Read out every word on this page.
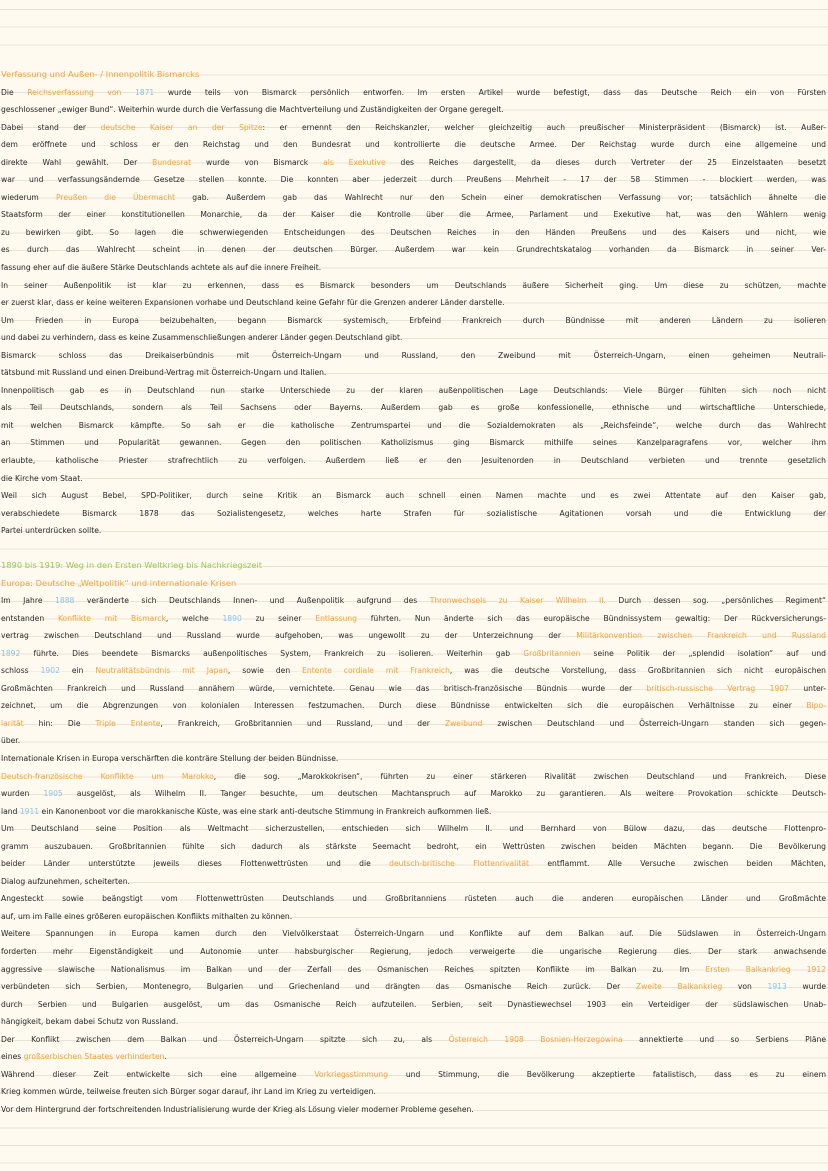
Verfassung und Außen- / Innenpolitik Bismarcks
Die Reichsverfassung von 1871 wurde teils von Bismarck persönlich entworfen. Im ersten Artikel wurde befestigt, dass das Deutsche Reich ein von Fürsten
geschlossener „ewiger Bund“. Weiterhin wurde durch die Verfassung die Machtverteilung und Zuständigkeiten der Organe geregelt.
Dabei stand der deutsche Kaiser an der Spitze: er ernennt den Reichskanzler, welcher gleichzeitig auch preußischer Ministerpräsident (Bismarck) ist. Außer-
dem eröffnete und schloss er den Reichstag und den Bundesrat und kontrollierte die deutsche Armee. Der Reichstag wurde durch eine allgemeine und
direkte Wahl gewählt. Der Bundesrat wurde von Bismarck als Exekutive des Reiches dargestellt, da dieses durch Vertreter der 25 Einzelstaaten besetzt
war und verfassungsändernde Gesetze stellen konnte. Die konnten aber jederzeit durch Preußens Mehrheit - 17 der 58 Stimmen - blockiert werden, was
wiederum Preußen die Übermacht gab. Außerdem gab das Wahlrecht nur den Schein einer demokratischen Verfassung vor; tatsächlich ähnelte die
Staatsform der einer konstitutionellen Monarchie, da der Kaiser die Kontrolle über die Armee, Parlament und Exekutive hat, was den Wählern wenig
zu bewirken gibt. So lagen die schwerwiegenden Entscheidungen des Deutschen Reiches in den Händen Preußens und des Kaisers und nicht, wie
es durch das Wahlrecht scheint in denen der deutschen Bürger. Außerdem war kein Grundrechtskatalog vorhanden da Bismarck in seiner Ver-
fassung eher auf die äußere Stärke Deutschlands achtete als auf die innere Freiheit.
In seiner Außenpolitik ist klar zu erkennen, dass es Bismarck besonders um Deutschlands äußere Sicherheit ging. Um diese zu schützen, machte
er zuerst klar, dass er keine weiteren Expansionen vorhabe und Deutschland keine Gefahr für die Grenzen anderer Länder darstelle.
Um Frieden in Europa beizubehalten, begann Bismarck systemisch, Erbfeind Frankreich durch Bündnisse mit anderen Ländern zu isolieren
und dabei zu verhindern, dass es keine Zusammenschließungen anderer Länder gegen Deutschland gibt.
Bismarck schloss das Dreikaiserbündnis mit Österreich-Ungarn und Russland, den Zweibund mit Österreich-Ungarn, einen geheimen Neutrali-
tätsbund mit Russland und einen Dreibund-Vertrag mit Österreich-Ungarn und Italien.
Innenpolitisch gab es in Deutschland nun starke Unterschiede zu der klaren außenpolitischen Lage Deutschlands: Viele Bürger fühlten sich noch nicht
als Teil Deutschlands, sondern als Teil Sachsens oder Bayerns. Außerdem gab es große konfessionelle, ethnische und wirtschaftliche Unterschiede,
mit welchen Bismarck kämpfte. So sah er die katholische Zentrumspartei und die Sozialdemokraten als „Reichsfeinde“, welche durch das Wahlrecht
an Stimmen und Popularität gewannen. Gegen den politischen Katholizismus ging Bismarck mithilfe seines Kanzelparagrafens vor, welcher ihm
erlaubte, katholische Priester strafrechtlich zu verfolgen. Außerdem ließ er den Jesuitenorden in Deutschland verbieten und trennte gesetzlich
die Kirche vom Staat.
Weil sich August Bebel, SPD-Politiker, durch seine Kritik an Bismarck auch schnell einen Namen machte und es zwei Attentate auf den Kaiser gab,
verabschiedete Bismarck 1878 das Sozialistengesetz, welches harte Strafen für sozialistische Agitationen vorsah und die Entwicklung der
Partei unterdrücken sollte.
1890 bis 1919: Weg in den Ersten Weltkrieg bis Nachkriegszeit
Europa: Deutsche „Weltpolitik“ und internationale Krisen
Im Jahre 1888 veränderte sich Deutschlands Innen- und Außenpolitik aufgrund des Thronwechsels zu Kaiser Wilhelm II. Durch dessen sog. „persönliches Regiment“
entstanden Konflikte mit Bismarck, welche 1890 zu seiner Entlassung führten. Nun änderte sich das europäische Bündnissystem gewaltig: Der Rückversicherungs-
vertrag zwischen Deutschland und Russland wurde aufgehoben, was ungewollt zu der Unterzeichnung der Militärkonvention zwischen Frankreich und Russland
1892 führte. Dies beendete Bismarcks außenpolitisches System, Frankreich zu isolieren. Weiterhin gab Großbritannien seine Politik der „splendid isolation“ auf und
schloss 1902 ein Neutralitätsbündnis mit Japan, sowie den Entente cordiale mit Frankreich, was die deutsche Vorstellung, dass Großbritannien sich nicht europäischen
Großmächten Frankreich und Russland annähern würde, vernichtete. Genau wie das britisch-französische Bündnis wurde der britisch-russische Vertrag 1907 unter-
zeichnet, um die Abgrenzungen von kolonialen Interessen festzumachen. Durch diese Bündnisse entwickelten sich die europäischen Verhältnisse zu einer Bipo-
larität hin: Die Triple Entente, Frankreich, Großbritannien und Russland, und der Zweibund zwischen Deutschland und Österreich-Ungarn standen sich gegen-
über.
Internationale Krisen in Europa verschärften die konträre Stellung der beiden Bündnisse.
Deutsch-französische Konflikte um Marokko, die sog. „Marokkokrisen“, führten zu einer stärkeren Rivalität zwischen Deutschland und Frankreich. Diese
wurden 1905 ausgelöst, als Wilhelm II. Tanger besuchte, um deutschen Machtanspruch auf Marokko zu garantieren. Als weitere Provokation schickte Deutsch-
land 1911 ein Kanonenboot vor die marokkanische Küste, was eine stark anti-deutsche Stimmung in Frankreich aufkommen ließ.
Um Deutschland seine Position als Weltmacht sicherzustellen, entschieden sich Wilhelm II. und Bernhard von Bülow dazu, das deutsche Flottenpro-
gramm auszubauen. Großbritannien fühlte sich dadurch als stärkste Seemacht bedroht, ein Wettrüsten zwischen beiden Mächten begann. Die Bevölkerung
beider Länder unterstützte jeweils dieses Flottenwettrüsten und die deutsch-britische Flottenrivalität entflammt. Alle Versuche zwischen beiden Mächten,
Dialog aufzunehmen, scheiterten.
Angesteckt sowie beängstigt vom Flottenwettrüsten Deutschlands und Großbritanniens rüsteten auch die anderen europäischen Länder und Großmächte
auf, um im Falle eines größeren europäischen Konflikts mithalten zu können.
Weitere Spannungen in Europa kamen durch den Vielvölkerstaat Österreich-Ungarn und Konflikte auf dem Balkan auf. Die Südslawen in Österreich-Ungarn
forderten mehr Eigenständigkeit und Autonomie unter habsburgischer Regierung, jedoch verweigerte die ungarische Regierung dies. Der stark anwachsende
aggressive slawische Nationalismus im Balkan und der Zerfall des Osmanischen Reiches spitzten Konflikte im Balkan zu. Im Ersten Balkankrieg 1912
verbündeten sich Serbien, Montenegro, Bulgarien und Griechenland und drängten das Osmanische Reich zurück. Der Zweite Balkankrieg von 1913 wurde
durch Serbien und Bulgarien ausgelöst, um das Osmanische Reich aufzuteilen. Serbien, seit Dynastiewechsel 1903 ein Verteidiger der südslawischen Unab-
hängigkeit, bekam dabei Schutz von Russland.
Der Konflikt zwischen dem Balkan und Österreich-Ungarn spitzte sich zu, als Österreich 1908 Bosnien-Herzegowina annektierte und so Serbiens Pläne
eines großserbischen Staates verhinderten.
Während dieser Zeit entwickelte sich eine allgemeine Vorkriegsstimmung und Stimmung, die Bevölkerung akzeptierte fatalistisch, dass es zu einem
Krieg kommen würde, teilweise freuten sich Bürger sogar darauf, ihr Land im Krieg zu verteidigen.
Vor dem Hintergrund der fortschreitenden Industrialisierung wurde der Krieg als Lösung vieler moderner Probleme gesehen.
